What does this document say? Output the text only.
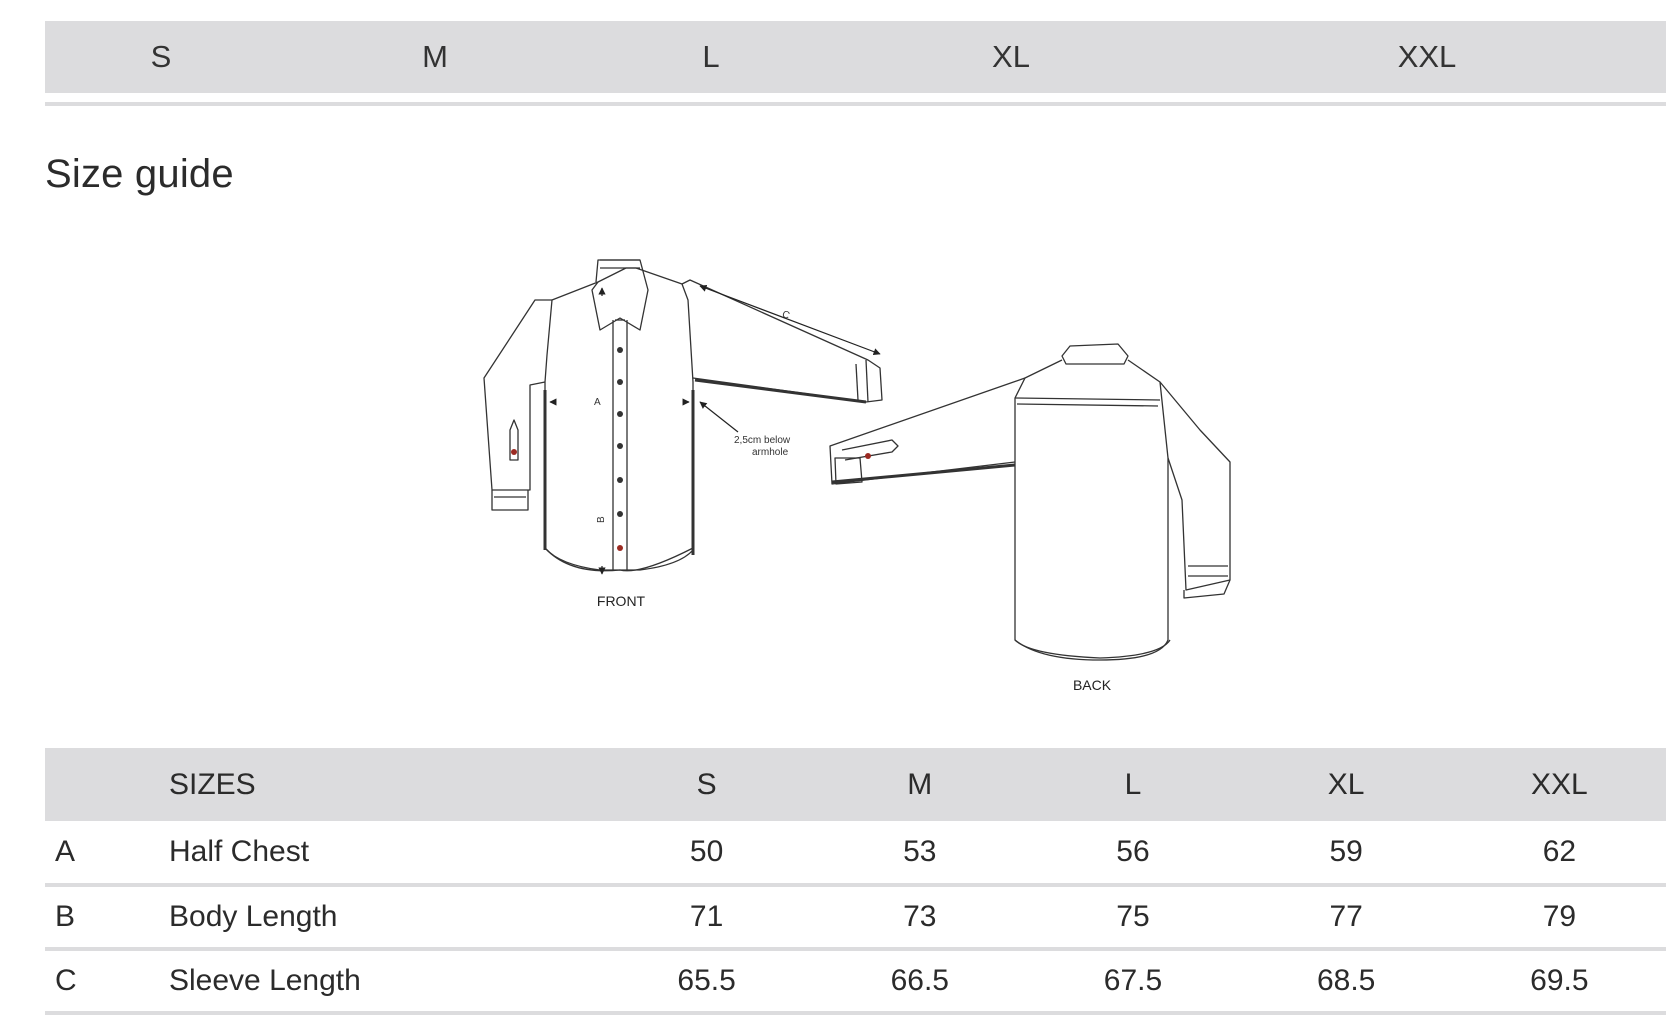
S	M	L	XL	XXL
Size guide
A
B
C
2,5cm below
armhole
FRONT
BACK
	SIZES	S	M	L	XL	XXL
A	Half Chest	50	53	56	59	62
B	Body Length	71	73	75	77	79
C	Sleeve Length	65.5	66.5	67.5	68.5	69.5
